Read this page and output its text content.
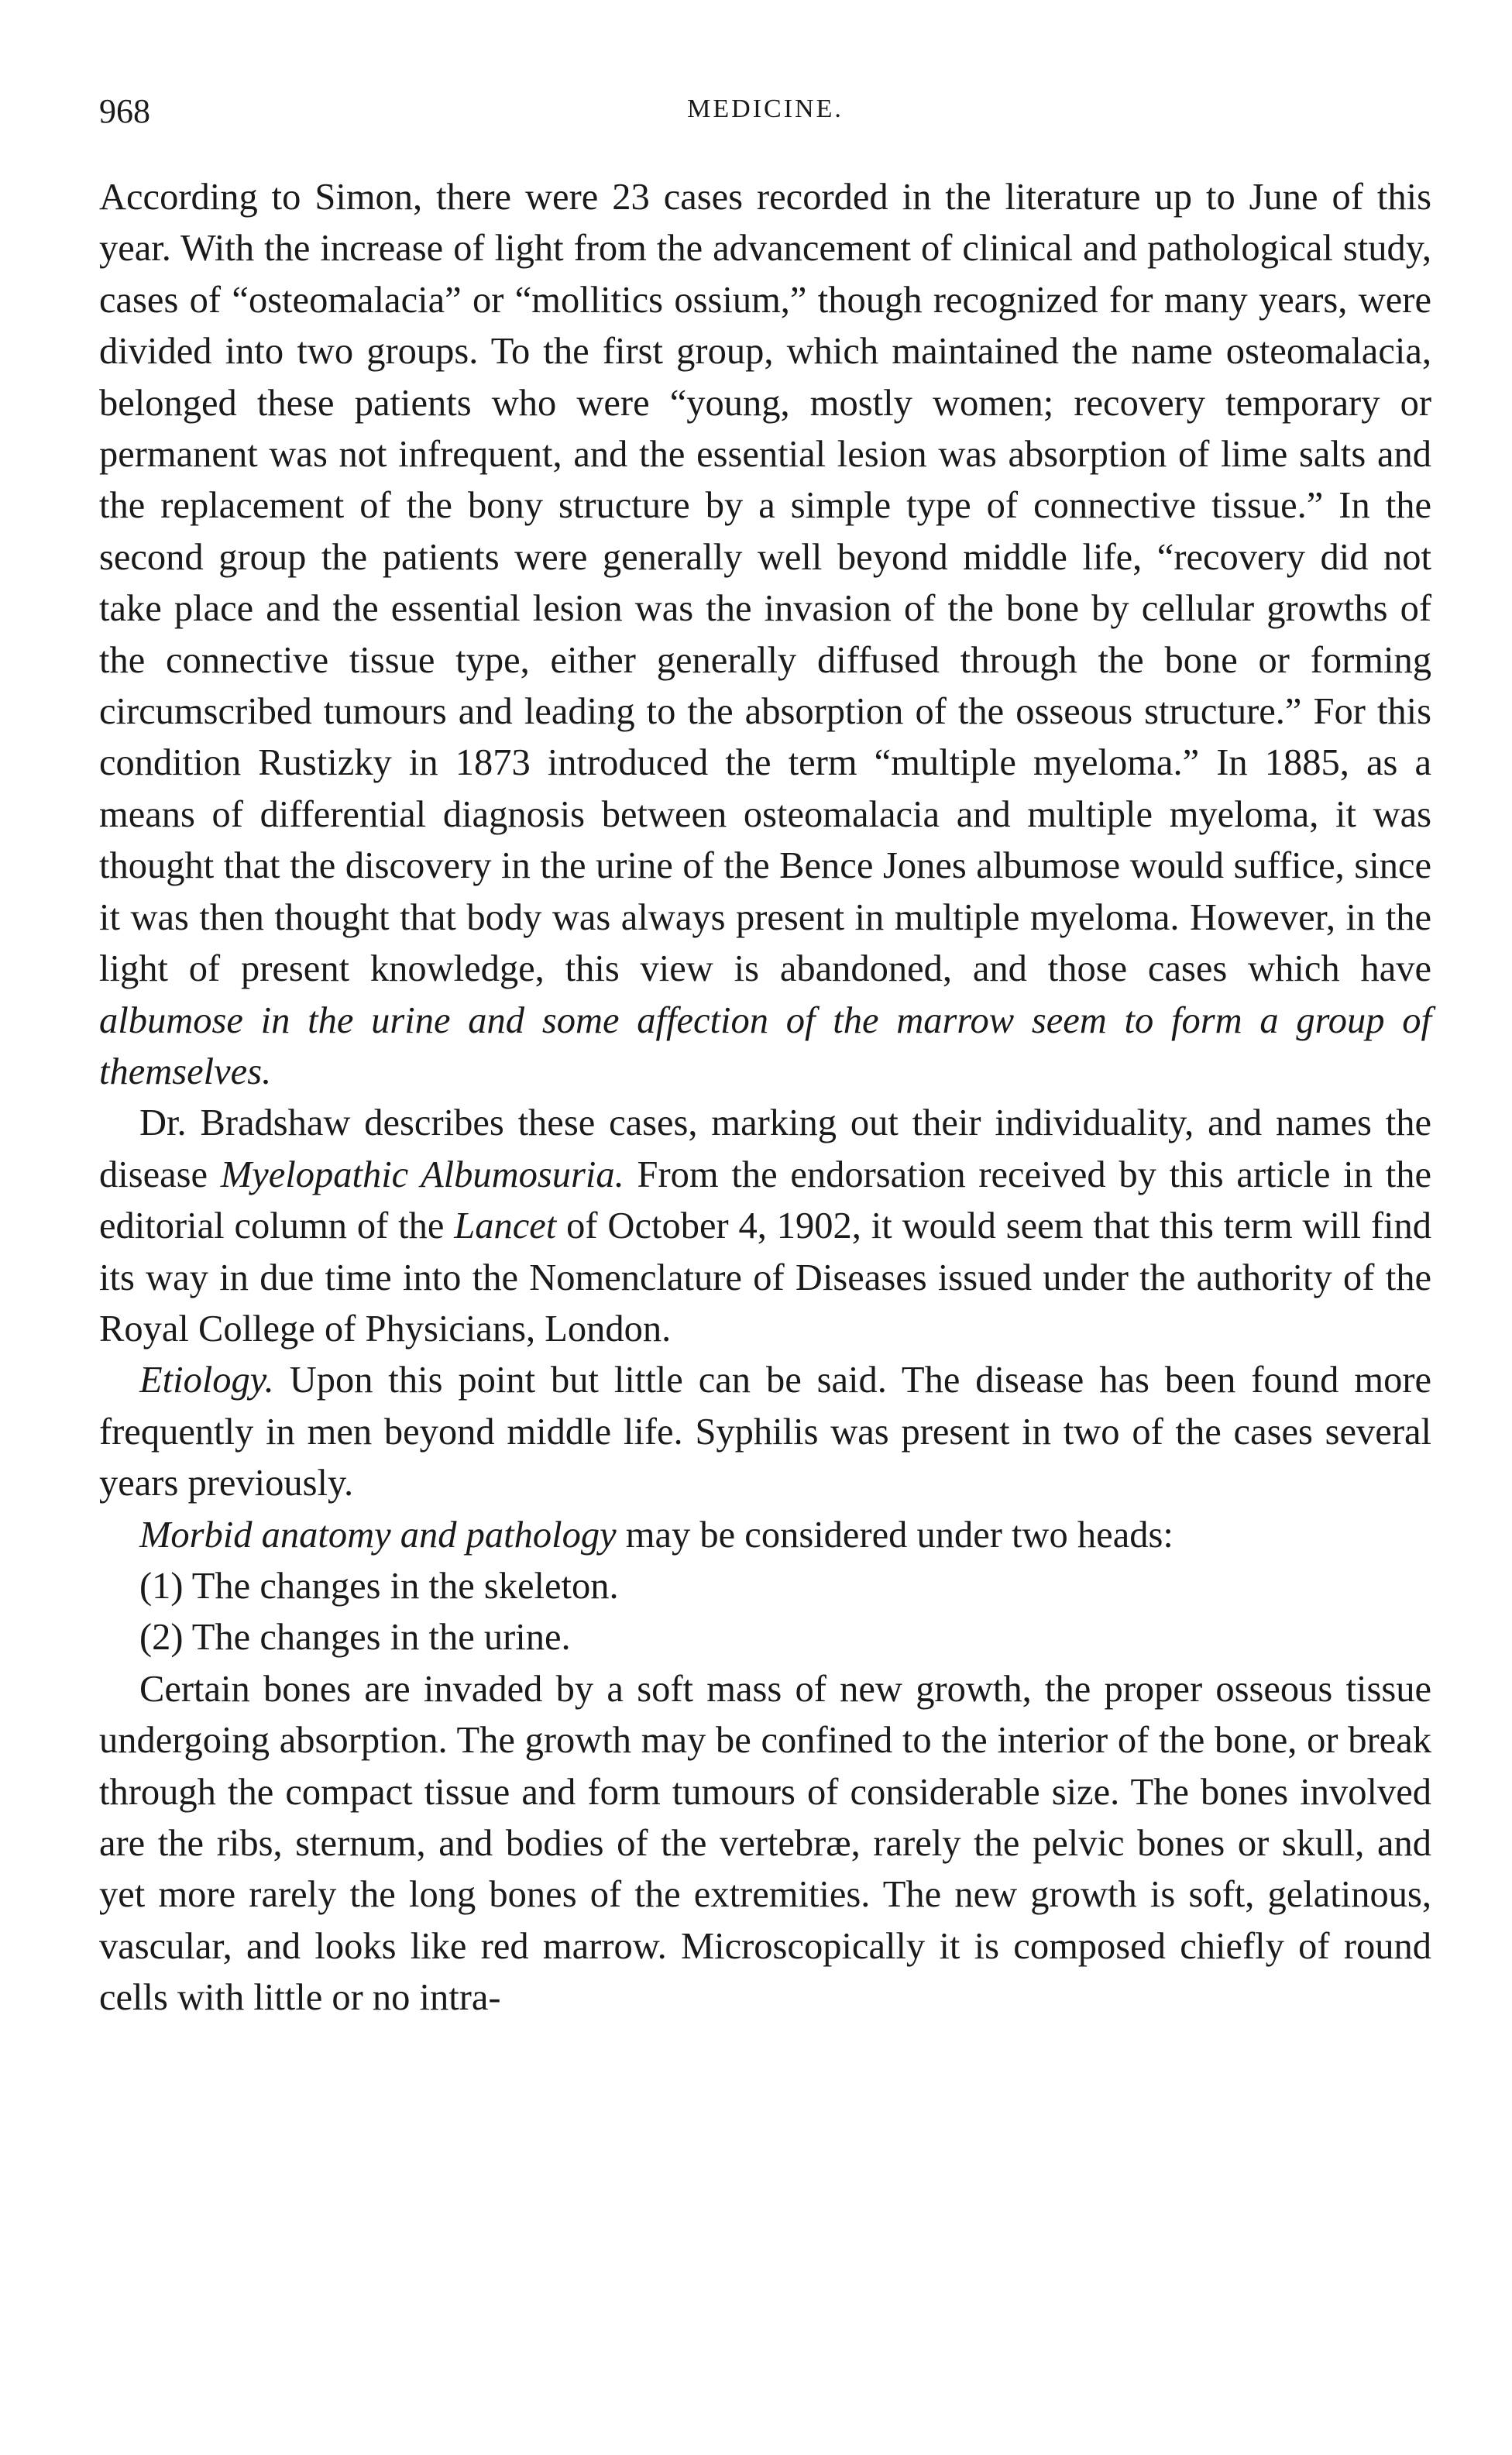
968	MEDICINE.

According to Simon, there were 23 cases recorded in the literature up to June of this year. With the increase of light from the advancement of clinical and pathological study, cases of “osteomalacia” or “mollitics ossium,” though recognized for many years, were divided into two groups. To the first group, which maintained the name osteomalacia, belonged these patients who were “young, mostly women; recovery temporary or permanent was not infrequent, and the essential lesion was absorption of lime salts and the replacement of the bony structure by a simple type of connective tissue.” In the second group the patients were generally well beyond middle life, “recovery did not take place and the essential lesion was the invasion of the bone by cellular growths of the connective tissue type, either generally diffused through the bone or forming circumscribed tumours and leading to the absorption of the osseous structure.” For this condition Rustizky in 1873 introduced the term “multiple myeloma.” In 1885, as a means of differential diagnosis between osteomalacia and multiple myeloma, it was thought that the discovery in the urine of the Bence Jones albumose would suffice, since it was then thought that body was always present in multiple myeloma. However, in the light of present knowledge, this view is abandoned, and those cases which have albumose in the urine and some affection of the marrow seem to form a group of themselves.

Dr. Bradshaw describes these cases, marking out their individuality, and names the disease Myelopathic Albumosuria. From the endorsation received by this article in the editorial column of the Lancet of October 4, 1902, it would seem that this term will find its way in due time into the Nomenclature of Diseases issued under the authority of the Royal College of Physicians, London.

Etiology. Upon this point but little can be said. The disease has been found more frequently in men beyond middle life. Syphilis was present in two of the cases several years previously.

Morbid anatomy and pathology may be considered under two heads:

(1) The changes in the skeleton.

(2) The changes in the urine.

Certain bones are invaded by a soft mass of new growth, the proper osseous tissue undergoing absorption. The growth may be confined to the interior of the bone, or break through the compact tissue and form tumours of considerable size. The bones involved are the ribs, sternum, and bodies of the vertebræ, rarely the pelvic bones or skull, and yet more rarely the long bones of the extremities. The new growth is soft, gelatinous, vascular, and looks like red marrow. Microscopically it is composed chiefly of round cells with little or no intra-
